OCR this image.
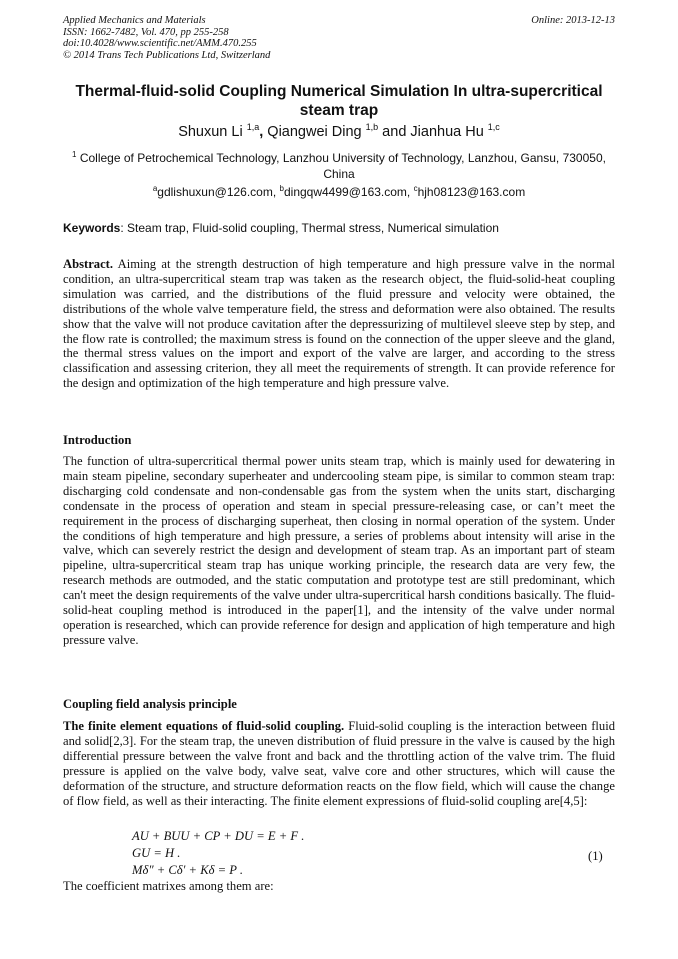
Applied Mechanics and Materials
ISSN: 1662-7482, Vol. 470, pp 255-258
doi:10.4028/www.scientific.net/AMM.470.255
© 2014 Trans Tech Publications Ltd, Switzerland
Online: 2013-12-13
Thermal-fluid-solid Coupling Numerical Simulation In ultra-supercritical steam trap
Shuxun Li $^{1,a}$, Qiangwei Ding $^{1,b}$ and Jianhua Hu $^{1,c}$
$^1$ College of Petrochemical Technology, Lanzhou University of Technology, Lanzhou, Gansu, 730050, China
$^a$gdlishuxun@126.com, $^b$dingqw4499@163.com, $^c$hjh08123@163.com
Keywords: Steam trap, Fluid-solid coupling, Thermal stress, Numerical simulation
Abstract. Aiming at the strength destruction of high temperature and high pressure valve in the normal condition, an ultra-supercritical steam trap was taken as the research object, the fluid-solid-heat coupling simulation was carried, and the distributions of the fluid pressure and velocity were obtained, the distributions of the whole valve temperature field, the stress and deformation were also obtained. The results show that the valve will not produce cavitation after the depressurizing of multilevel sleeve step by step, and the flow rate is controlled; the maximum stress is found on the connection of the upper sleeve and the gland, the thermal stress values on the import and export of the valve are larger, and according to the stress classification and assessing criterion, they all meet the requirements of strength. It can provide reference for the design and optimization of the high temperature and high pressure valve.
Introduction
The function of ultra-supercritical thermal power units steam trap, which is mainly used for dewatering in main steam pipeline, secondary superheater and undercooling steam pipe, is similar to common steam trap: discharging cold condensate and non-condensable gas from the system when the units start, discharging condensate in the process of operation and steam in special pressure-releasing case, or can’t meet the requirement in the process of discharging superheat, then closing in normal operation of the system. Under the conditions of high temperature and high pressure, a series of problems about intensity will arise in the valve, which can severely restrict the design and development of steam trap. As an important part of steam pipeline, ultra-supercritical steam trap has unique working principle, the research data are very few, the research methods are outmoded, and the static computation and prototype test are still predominant, which can't meet the design requirements of the valve under ultra-supercritical harsh conditions basically. The fluid-solid-heat coupling method is introduced in the paper[1], and the intensity of the valve under normal operation is researched, which can provide reference for design and application of high temperature and high pressure valve.
Coupling field analysis principle
The finite element equations of fluid-solid coupling. Fluid-solid coupling is the interaction between fluid and solid[2,3]. For the steam trap, the uneven distribution of fluid pressure in the valve is caused by the high differential pressure between the valve front and back and the throttling action of the valve trim. The fluid pressure is applied on the valve body, valve seat, valve core and other structures, which will cause the deformation of the structure, and structure deformation reacts on the flow field, which will cause the change of flow field, as well as their interacting. The finite element expressions of fluid-solid coupling are[4,5]:
AU + BUU + CP + DU = E + F .
GU = H .
Mδ″ + Cδ′ + Kδ = P .
(1)
The coefficient matrixes among them are:
